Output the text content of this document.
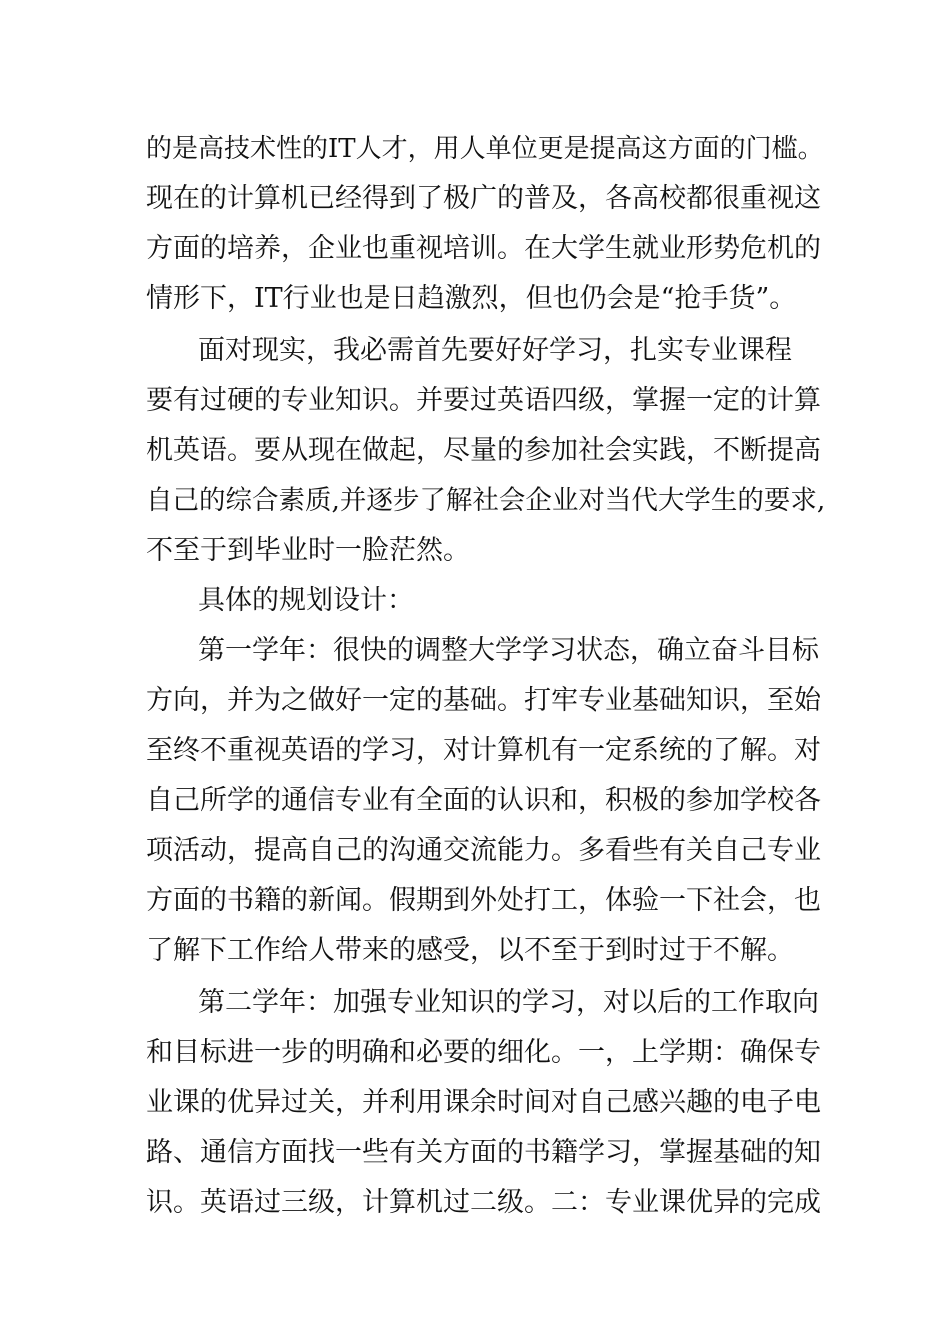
的是高技术性的IT人才，用人单位更是提高这方面的门槛。
现在的计算机已经得到了极广的普及，各高校都很重视这
方面的培养，企业也重视培训。在大学生就业形势危机的
情形下，IT行业也是日趋激烈，但也仍会是“抢手货”。
面对现实，我必需首先要好好学习，扎实专业课程
要有过硬的专业知识。并要过英语四级，掌握一定的计算
机英语。要从现在做起，尽量的参加社会实践，不断提高
自己的综合素质,并逐步了解社会企业对当代大学生的要求,
不至于到毕业时一脸茫然。
具体的规划设计：
第一学年：很快的调整大学学习状态，确立奋斗目标
方向，并为之做好一定的基础。打牢专业基础知识，至始
至终不重视英语的学习，对计算机有一定系统的了解。对
自己所学的通信专业有全面的认识和，积极的参加学校各
项活动，提高自己的沟通交流能力。多看些有关自己专业
方面的书籍的新闻。假期到外处打工，体验一下社会，也
了解下工作给人带来的感受，以不至于到时过于不解。
第二学年：加强专业知识的学习，对以后的工作取向
和目标进一步的明确和必要的细化。一，上学期：确保专
业课的优异过关，并利用课余时间对自己感兴趣的电子电
路、通信方面找一些有关方面的书籍学习，掌握基础的知
识。英语过三级，计算机过二级。二：专业课优异的完成
